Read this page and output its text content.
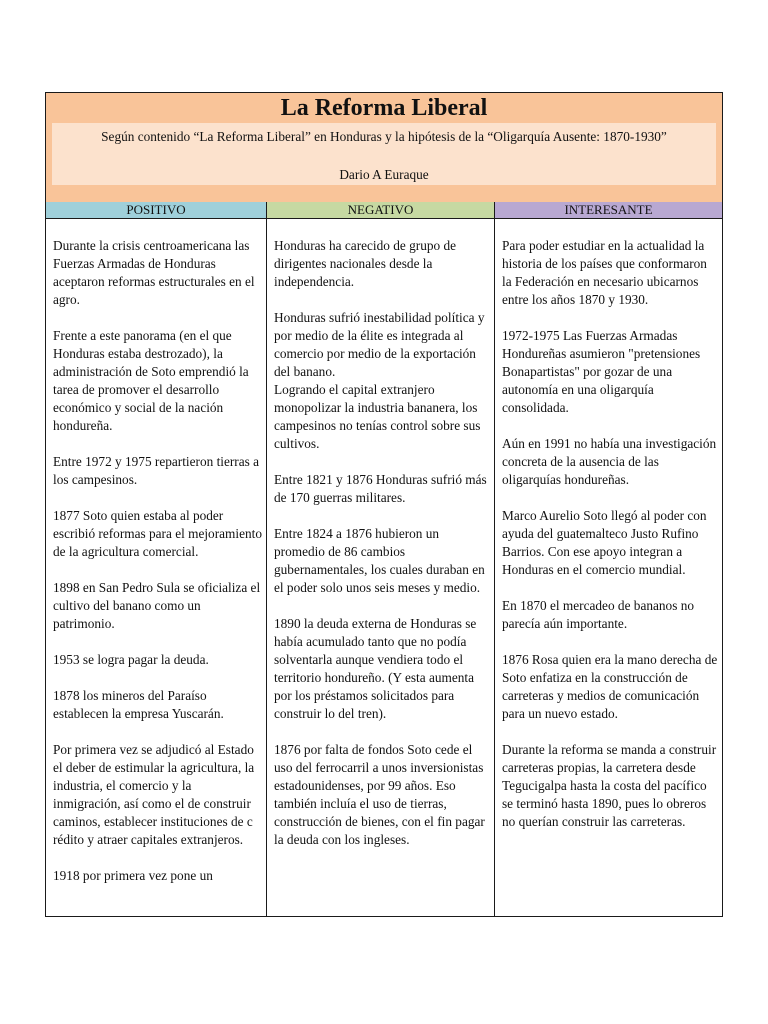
La Reforma Liberal
Según contenido “La Reforma Liberal” en Honduras y la hipótesis de la “Oligarquía Ausente: 1870-1930”
Dario A Euraque
POSITIVO	NEGATIVO	INTERESANTE

Durante la crisis centroamericana las Fuerzas Armadas de Honduras aceptaron reformas estructurales en el agro.

Frente a este panorama (en el que Honduras estaba destrozado), la administración de Soto emprendió la tarea de promover el desarrollo económico y social de la nación hondureña.

Entre 1972 y 1975 repartieron tierras a los campesinos.

1877 Soto quien estaba al poder escribió reformas para el mejoramiento de la agricultura comercial.

1898 en San Pedro Sula se oficializa el cultivo del banano como un patrimonio.

1953 se logra pagar la deuda.

1878 los mineros del Paraíso establecen la empresa Yuscarán.

Por primera vez se adjudicó al Estado el deber de estimular la agricultura, la industria, el comercio y la inmigración, así como el de construir caminos, establecer instituciones de c rédito y atraer capitales extranjeros.

1918 por primera vez pone un

Honduras ha carecido de grupo de dirigentes nacionales desde la independencia.

Honduras sufrió inestabilidad política y por medio de la élite es integrada al comercio por medio de la exportación del banano.

Logrando el capital extranjero monopolizar la industria bananera, los campesinos no tenías control sobre sus cultivos.

Entre 1821 y 1876 Honduras sufrió más de 170 guerras militares.

Entre 1824 a 1876 hubieron un promedio de 86 cambios gubernamentales, los cuales duraban en el poder solo unos seis meses y medio.

1890 la deuda externa de Honduras se había acumulado tanto que no podía solventarla aunque vendiera todo el territorio hondureño. (Y esta aumenta por los préstamos solicitados para construir lo del tren).

1876 por falta de fondos Soto cede el uso del ferrocarril a unos inversionistas estadounidenses, por 99 años. Eso también incluía el uso de tierras, construcción de bienes, con el fin pagar la deuda con los ingleses.

Para poder estudiar en la actualidad la historia de los países que conformaron la Federación en necesario ubicarnos entre los años 1870 y 1930.

1972-1975 Las Fuerzas Armadas Hondureñas asumieron "pretensiones Bonapartistas" por gozar de una autonomía en una oligarquía consolidada.

Aún en 1991 no había una investigación concreta de la ausencia de las oligarquías hondureñas.

Marco Aurelio Soto llegó al poder con ayuda del guatemalteco Justo Rufino Barrios. Con ese apoyo integran a Honduras en el comercio mundial.

En 1870 el mercadeo de bananos no parecía aún importante.

1876 Rosa quien era la mano derecha de Soto enfatiza en la construcción de carreteras y medios de comunicación para un nuevo estado.

Durante la reforma se manda a construir carreteras propias, la carretera desde Tegucigalpa hasta la costa del pacífico se terminó hasta 1890, pues lo obreros no querían construir las carreteras.
